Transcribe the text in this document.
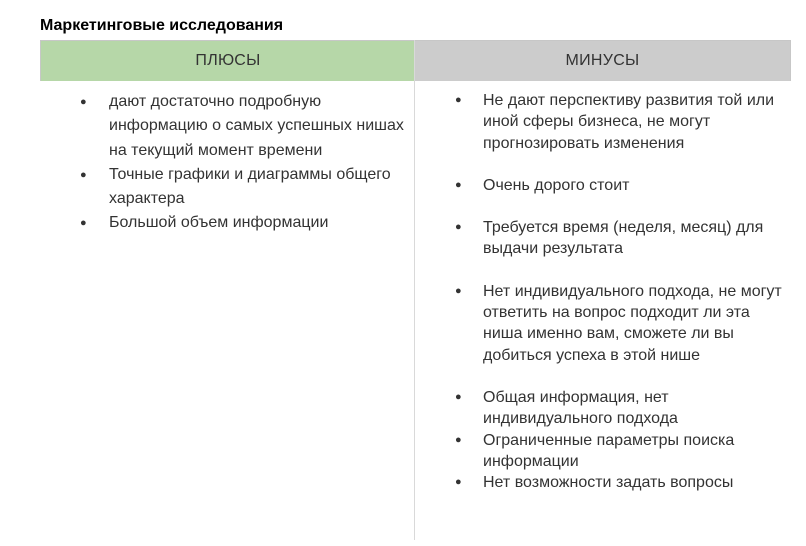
Маркетинговые исследования
ПЛЮСЫ	МИНУСЫ
● дают достаточно подробную информацию о самых успешных нишах на текущий момент времени
● Точные графики и диаграммы общего характера
● Большой объем информации
● Не дают перспективу развития той или иной сферы бизнеса, не могут прогнозировать изменения
● Очень дорого стоит
● Требуется время (неделя, месяц) для выдачи результата
● Нет индивидуального подхода, не могут ответить на вопрос подходит ли эта ниша именно вам, сможете ли вы добиться успеха в этой нише
● Общая информация, нет индивидуального подхода
● Ограниченные параметры поиска информации
● Нет возможности задать вопросы
